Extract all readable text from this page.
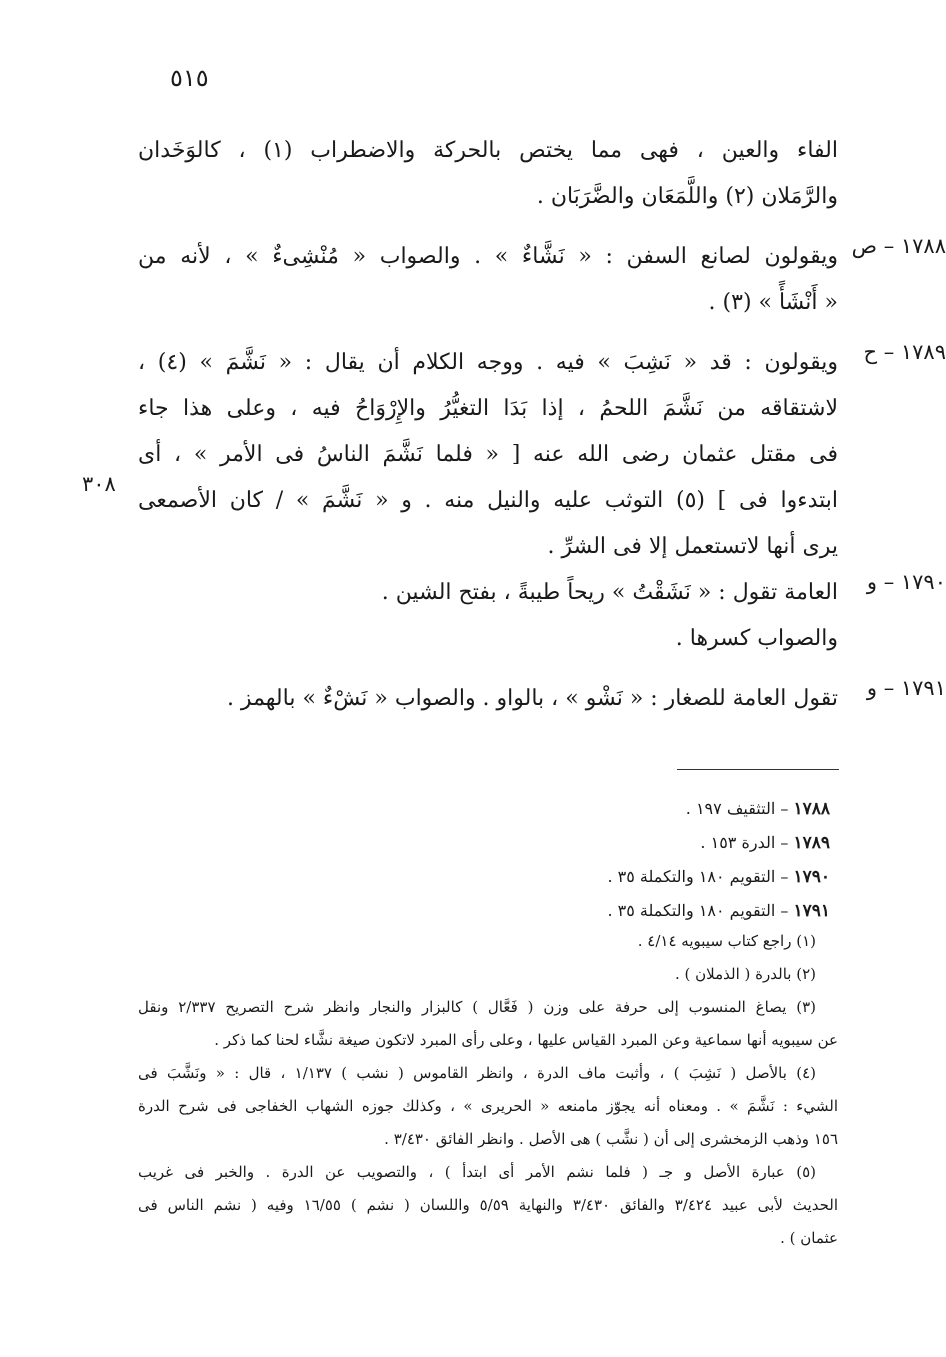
٥١٥
الفاء والعين ، فهى مما يختص بالحركة والاضطراب (١) ، كالوَخَدان
والرَّمَلان (٢) واللَّمَعَان والضَّرَبَان .
١٧٨٨ – ص
ويقولون لصانع السفن : « نَشَّاءٌ » . والصواب « مُنْشِىءٌ » ، لأنه من
« أَنْشَأً » (٣) .
١٧٨٩ – ح
ويقولون : قد « نَشِبَ » فيه . ووجه الكلام أن يقال : « نَشَّمَ » (٤) ،
لاشتقاقه من نَشَّمَ اللحمُ ، إذا بَدَا التغيُّرُ والإِرْوَاحُ فيه ، وعلى هذا جاء
فى مقتل عثمان رضى الله عنه [ « فلما نَشَّمَ الناسُ فى الأمر » ، أى
ابتدءوا فى ] (٥) التوثب عليه والنيل منه . و « نَشَّمَ » / كان الأصمعى
يرى أنها لاتستعمل إلا فى الشرِّ .
١٧٩٠ – و
العامة تقول : « نَشَقْتُ » ريحاً طيبةً ، بفتح الشين .
والصواب كسرها .
١٧٩١ – و
تقول العامة للصغار : « نَشْو » ، بالواو . والصواب « نَشْءٌ » بالهمز .
٣٠٨
١٧٨٨ – التثقيف ١٩٧ .
١٧٨٩ – الدرة ١٥٣ .
١٧٩٠ – التقويم ١٨٠ والتكملة ٣٥ .
١٧٩١ – التقويم ١٨٠ والتكملة ٣٥ .
(١) راجع كتاب سيبويه ٤/١٤ .
(٢) بالدرة ( الذملان ) .
(٣) يصاغ المنسوب إلى حرفة على وزن ( فَعَّال ) كالبزار والنجار وانظر شرح التصريح ٢/٣٣٧ ونقل
عن سيبويه أنها سماعية وعن المبرد القياس عليها ، وعلى رأى المبرد لاتكون صيغة نشَّاء لحنا كما ذكر .
(٤) بالأصل ( نَشِبَ ) ، وأثبت ماف الدرة ، وانظر القاموس ( نشب ) ١/١٣٧ ، قال : « ونَشَّبَ فى
الشيء : نَشَّمَ » . ومعناه أنه يجوّز مامنعه « الحريرى » ، وكذلك جوزه الشهاب الخفاجى فى شرح الدرة
١٥٦ وذهب الزمخشرى إلى أن ( نشَّب ) هى الأصل . وانظر الفائق ٣/٤٣٠ .
(٥) عبارة الأصل و جـ ( فلما نشم الأمر أى ابتدأ ) ، والتصويب عن الدرة . والخبر فى غريب
الحديث لأبى عبيد ٣/٤٢٤ والفائق ٣/٤٣٠ والنهاية ٥/٥٩ واللسان ( نشم ) ١٦/٥٥ وفيه ( نشم الناس فى
عثمان ) .
